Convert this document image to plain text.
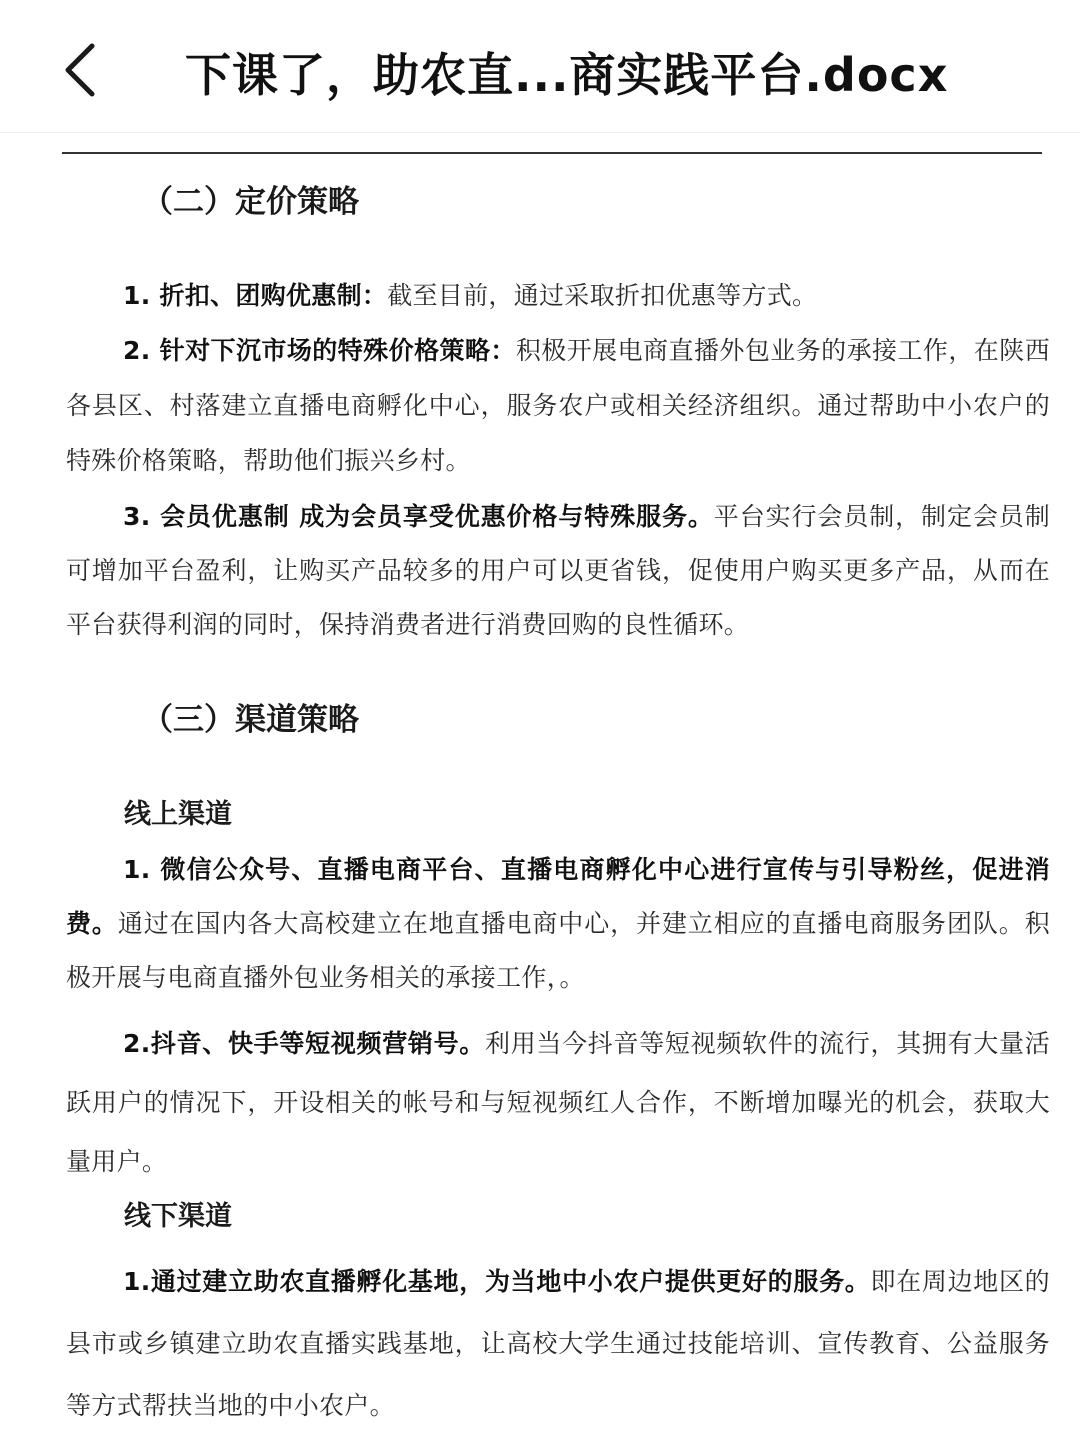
下课了，助农直...商实践平台.docx
（二）定价策略

1. 折扣、团购优惠制：截至目前，通过采取折扣优惠等方式。

2. 针对下沉市场的特殊价格策略：积极开展电商直播外包业务的承接工作，在陕西各县区、村落建立直播电商孵化中心，服务农户或相关经济组织。通过帮助中小农户的特殊价格策略，帮助他们振兴乡村。

3. 会员优惠制 成为会员享受优惠价格与特殊服务。平台实行会员制，制定会员制可增加平台盈利，让购买产品较多的用户可以更省钱，促使用户购买更多产品，从而在平台获得利润的同时，保持消费者进行消费回购的良性循环。

（三）渠道策略
线上渠道

1. 微信公众号、直播电商平台、直播电商孵化中心进行宣传与引导粉丝，促进消费。通过在国内各大高校建立在地直播电商中心，并建立相应的直播电商服务团队。积极开展与电商直播外包业务相关的承接工作，。

2.抖音、快手等短视频营销号。利用当今抖音等短视频软件的流行，其拥有大量活跃用户的情况下，开设相关的帐号和与短视频红人合作，不断增加曝光的机会，获取大量用户。

线下渠道

1.通过建立助农直播孵化基地，为当地中小农户提供更好的服务。即在周边地区的县市或乡镇建立助农直播实践基地，让高校大学生通过技能培训、宣传教育、公益服务等方式帮扶当地的中小农户。
